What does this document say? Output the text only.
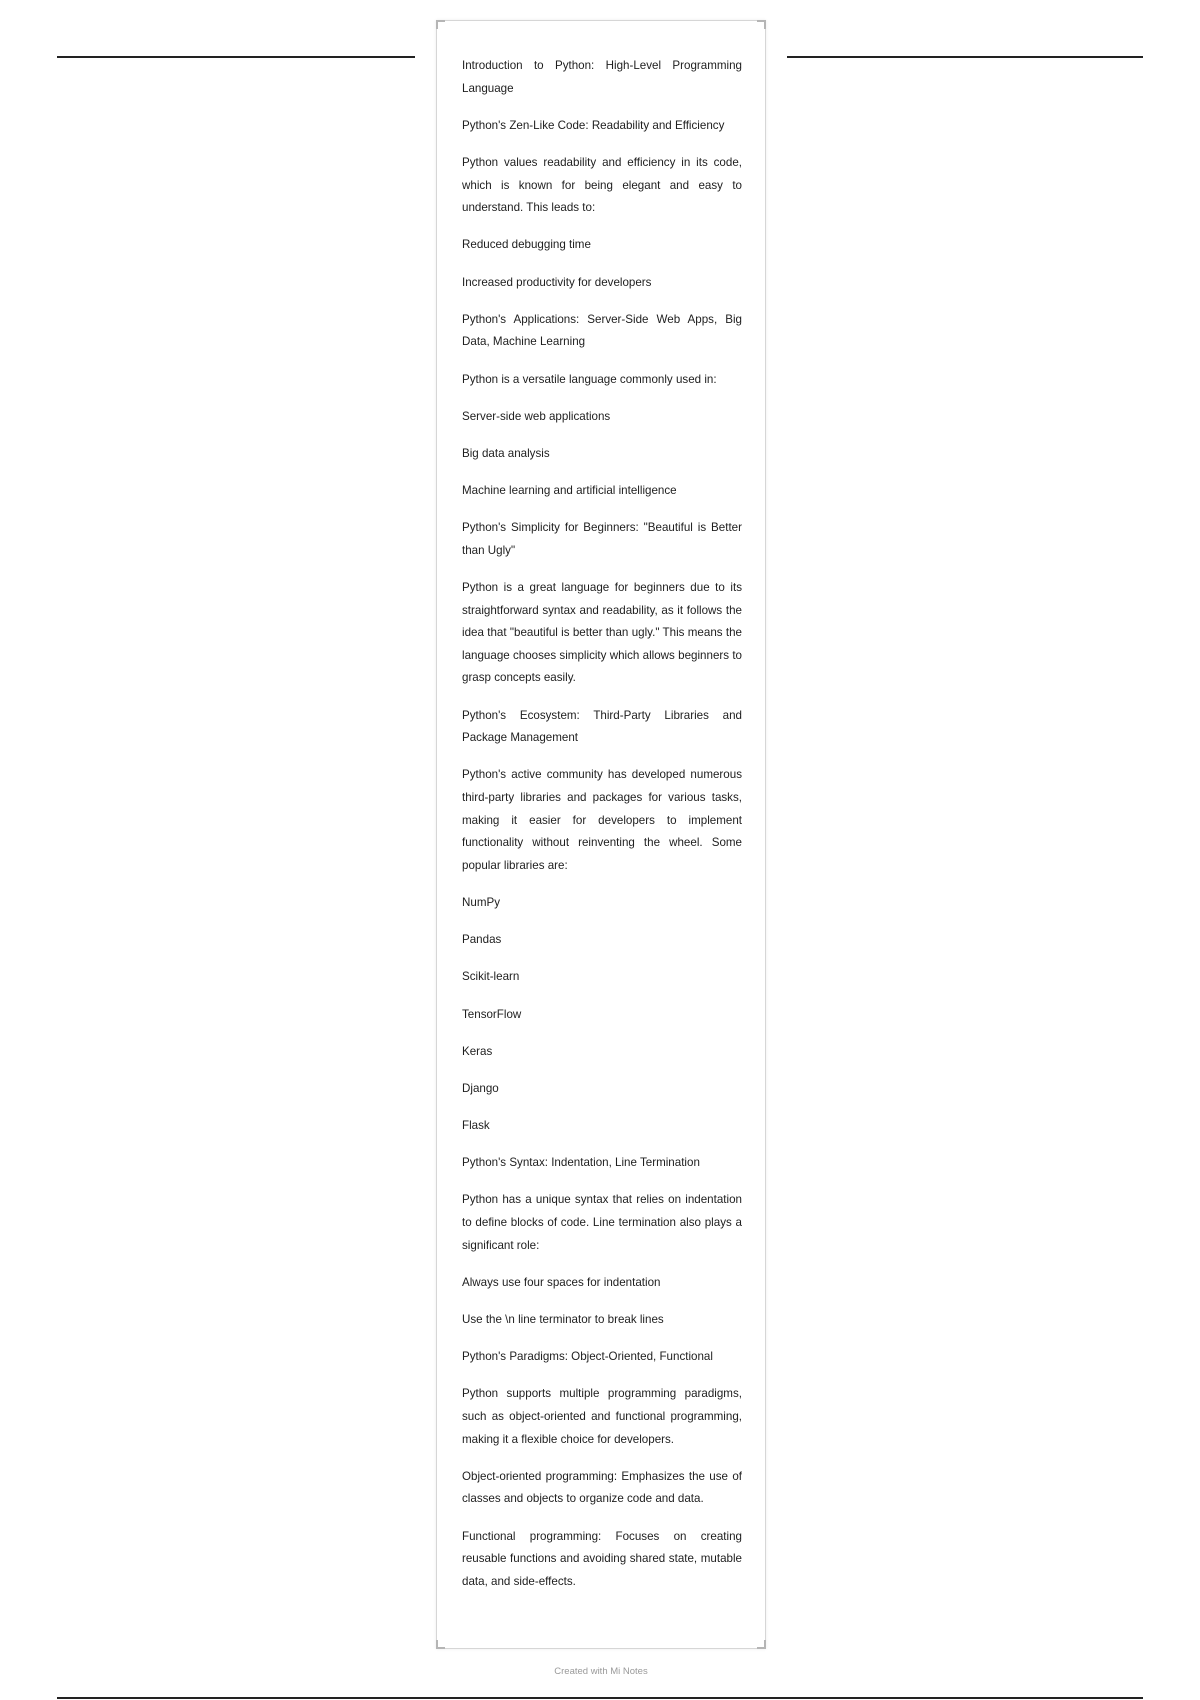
Introduction to Python: High-Level Programming Language

Python's Zen-Like Code: Readability and Efficiency

Python values readability and efficiency in its code, which is known for being elegant and easy to understand. This leads to:

Reduced debugging time

Increased productivity for developers

Python's Applications: Server-Side Web Apps, Big Data, Machine Learning

Python is a versatile language commonly used in:

Server-side web applications

Big data analysis

Machine learning and artificial intelligence

Python's Simplicity for Beginners: "Beautiful is Better than Ugly"

Python is a great language for beginners due to its straightforward syntax and readability, as it follows the idea that "beautiful is better than ugly." This means the language chooses simplicity which allows beginners to grasp concepts easily.

Python's Ecosystem: Third-Party Libraries and Package Management

Python's active community has developed numerous third-party libraries and packages for various tasks, making it easier for developers to implement functionality without reinventing the wheel. Some popular libraries are:

NumPy

Pandas

Scikit-learn

TensorFlow

Keras

Django

Flask

Python's Syntax: Indentation, Line Termination

Python has a unique syntax that relies on indentation to define blocks of code. Line termination also plays a significant role:

Always use four spaces for indentation

Use the \n line terminator to break lines

Python's Paradigms: Object-Oriented, Functional

Python supports multiple programming paradigms, such as object-oriented and functional programming, making it a flexible choice for developers.

Object-oriented programming: Emphasizes the use of classes and objects to organize code and data.

Functional programming: Focuses on creating reusable functions and avoiding shared state, mutable data, and side-effects.

Created with Mi Notes
